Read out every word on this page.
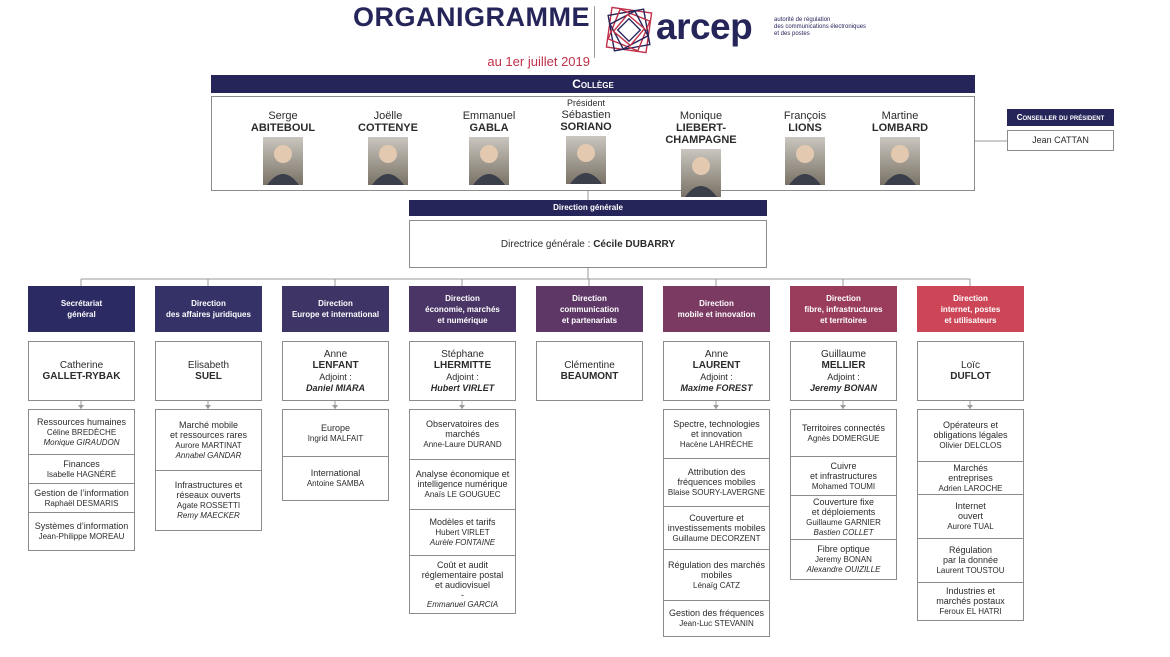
ORGANIGRAMME
au 1er juillet 2019
arcep	autorité de régulation
des communications électroniques
et des postes
Collège
Serge
ABITEBOUL
Joëlle
COTTENYE
Emmanuel
GABLA
Président
Sébastien
SORIANO
Monique
LIEBERT-CHAMPAGNE
François
LIONS
Martine
LOMBARD
Conseiller du président
Jean CATTAN
Direction générale
Directrice générale : Cécile DUBARRY
Secrétariat
général
Catherine
GALLET-RYBAK
Ressources humaines
Céline BREDÈCHE
Monique GIRAUDON
Finances
Isabelle HAGNÉRÉ
Gestion de l’information
Raphaël DESMARIS
Systèmes d’information
Jean-Philippe MOREAU
Direction
des affaires juridiques
Elisabeth
SUEL
Marché mobile
et ressources rares
Aurore MARTINAT
Annabel GANDAR
Infrastructures et
réseaux ouverts
Agate ROSSETTI
Remy MAECKER
Direction
Europe et international
Anne
LENFANT
Adjoint :
Daniel MIARA
Europe
Ingrid MALFAIT
International
Antoine SAMBA
Direction
économie, marchés
et numérique
Stéphane
LHERMITTE
Adjoint :
Hubert VIRLET
Observatoires des
marchés
Anne-Laure DURAND
Analyse économique et
intelligence numérique
Anaïs LE GOUGUEC
Modèles et tarifs
Hubert VIRLET
Aurèle FONTAINE
Coût et audit
réglementaire postal
et audiovisuel
-
Emmanuel GARCIA
Direction
communication
et partenariats
Clémentine
BEAUMONT
Direction
mobile et innovation
Anne
LAURENT
Adjoint :
Maxime FOREST
Spectre, technologies
et innovation
Hacène LAHRÈCHE
Attribution des
fréquences mobiles
Blaise SOURY-LAVERGNE
Couverture et
investissements mobiles
Guillaume DECORZENT
Régulation des marchés
mobiles
Lénaïg CATZ
Gestion des fréquences
Jean-Luc STEVANIN
Direction
fibre, infrastructures
et territoires
Guillaume
MELLIER
Adjoint :
Jeremy BONAN
Territoires connectés
Agnès DOMERGUE
Cuivre
et infrastructures
Mohamed TOUMI
Couverture fixe
et déploiements
Guillaume GARNIER
Bastien COLLET
Fibre optique
Jeremy BONAN
Alexandre OUIZILLE
Direction
internet, postes
et utilisateurs
Loïc
DUFLOT
Opérateurs et
obligations légales
Olivier DELCLOS
Marchés
entreprises
Adrien LAROCHE
Internet
ouvert
Aurore TUAL
Régulation
par la donnée
Laurent TOUSTOU
Industries et
marchés postaux
Feroux EL HATRI
